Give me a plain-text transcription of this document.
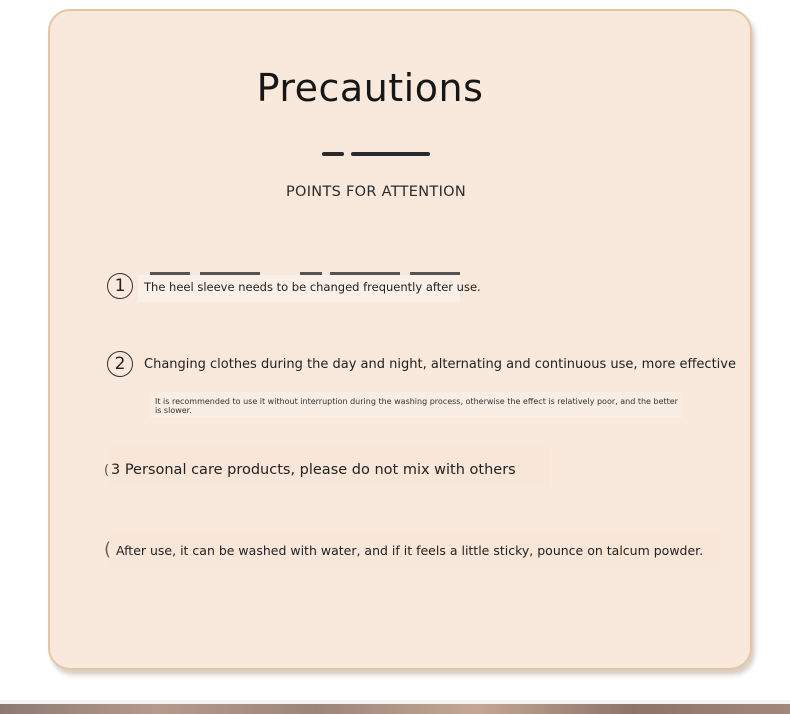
Precautions
POINTS FOR ATTENTION
1	The heel sleeve needs to be changed frequently after use.
2	Changing clothes during the day and night, alternating and continuous use, more effective
It is recommended to use it without interruption during the washing process, otherwise the effect is relatively poor, and the better is slower.
( 3 Personal care products, please do not mix with others
( After use, it can be washed with water, and if it feels a little sticky, pounce on talcum powder.
